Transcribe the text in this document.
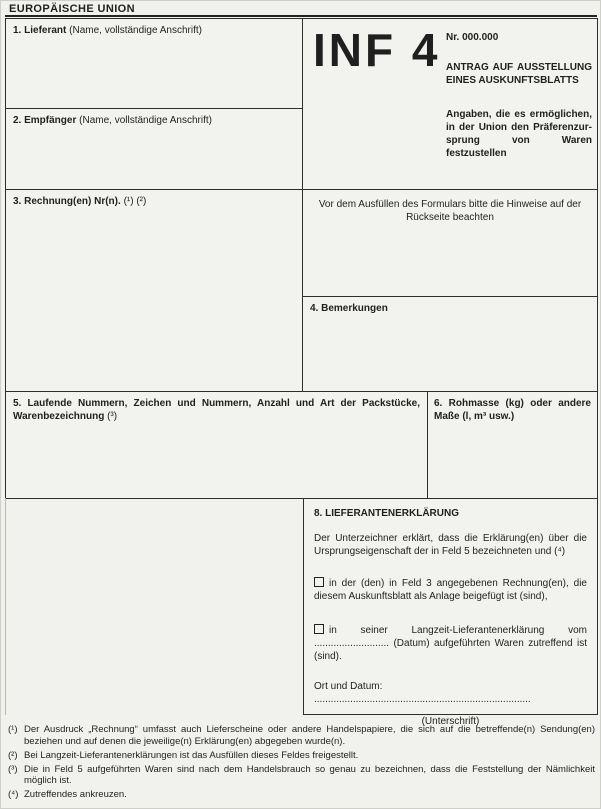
EUROPÄISCHE UNION
1. Lieferant (Name, vollständige Anschrift)
2. Empfänger (Name, vollständige Anschrift)
3. Rechnung(en) Nr(n). (¹) (²)
INF 4 Nr. 000.000
ANTRAG AUF AUSSTELLUNG EINES AUSKUNFTSBLATTS
Angaben, die es ermöglichen, in der Union den Präferenzursprung von Waren festzustellen
Vor dem Ausfüllen des Formulars bitte die Hinweise auf der Rückseite beachten
4. Bemerkungen
5. Laufende Nummern, Zeichen und Nummern, Anzahl und Art der Packstücke, Warenbezeichnung (³)
6. Rohmasse (kg) oder andere Maße (l, m³ usw.)

8. LIEFERANTENERKLÄRUNG

Der Unterzeichner erklärt, dass die Erklärung(en) über die Ursprungseigenschaft der in Feld 5 bezeichneten und (⁴)

in der (den) in Feld 3 angegebenen Rechnung(en), die diesem Auskunftsblatt als Anlage beigefügt ist (sind),

in seiner Langzeit-Lieferantenerklärung vom ........................... (Datum) aufgeführten Waren zutreffend ist (sind).

Ort und Datum: ..............................................................................

(Unterschrift)

(¹) Der Ausdruck „Rechnung“ umfasst auch Lieferscheine oder andere Handelspapiere, die sich auf die betreffende(n) Sendung(en) beziehen und auf denen die jeweilige(n) Erklärung(en) abgegeben wurde(n).
(²) Bei Langzeit-Lieferantenerklärungen ist das Ausfüllen dieses Feldes freigestellt.
(³) Die in Feld 5 aufgeführten Waren sind nach dem Handelsbrauch so genau zu bezeichnen, dass die Feststellung der Nämlichkeit möglich ist.
(⁴) Zutreffendes ankreuzen.
